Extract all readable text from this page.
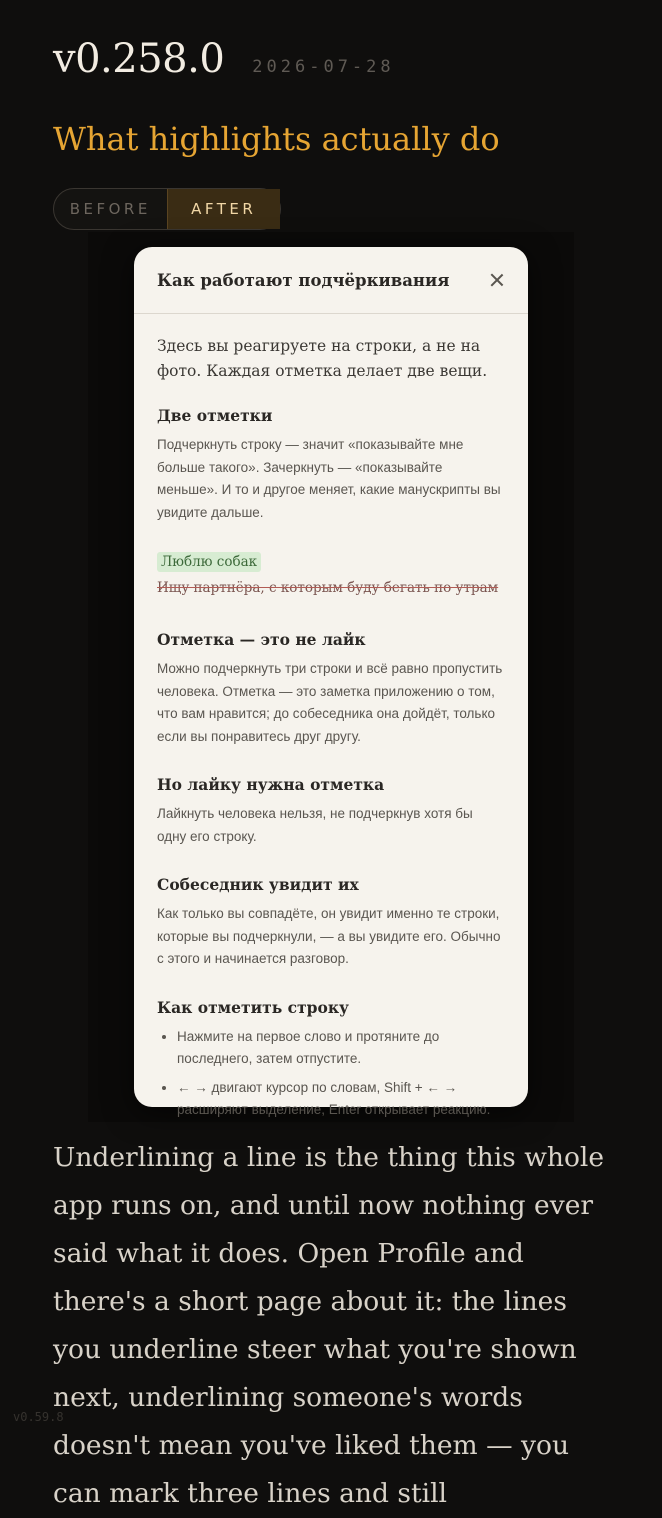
v0.258.0 2026-07-28
What highlights actually do
BEFORE	AFTER
Как работают подчёркивания

Здесь вы реагируете на строки, а не на фото. Каждая отметка делает две вещи.

Две отметки

Подчеркнуть строку — значит «показывайте мне больше такого». Зачеркнуть — «показывайте меньше». И то и другое меняет, какие манускрипты вы увидите дальше.

Люблю собак
Ищу партнёра, с которым буду бегать по утрам
Отметка — это не лайк

Можно подчеркнуть три строки и всё равно пропустить человека. Отметка — это заметка приложению о том, что вам нравится; до собеседника она дойдёт, только если вы понравитесь друг другу.

Но лайку нужна отметка

Лайкнуть человека нельзя, не подчеркнув хотя бы одну его строку.

Собеседник увидит их

Как только вы совпадёте, он увидит именно те строки, которые вы подчеркнули, — а вы увидите его. Обычно с этого и начинается разговор.

Как отметить строку
• Нажмите на первое слово и протяните до последнего, затем отпустите.
• ← → двигают курсор по словам, Shift + ← → расширяют выделение, Enter открывает реакцию.

Underlining a line is the thing this whole app runs on, and until now nothing ever said what it does. Open Profile and there's a short page about it: the lines you underline steer what you're shown next, underlining someone's words doesn't mean you've liked them — you can mark three lines and still

v0.59.8
